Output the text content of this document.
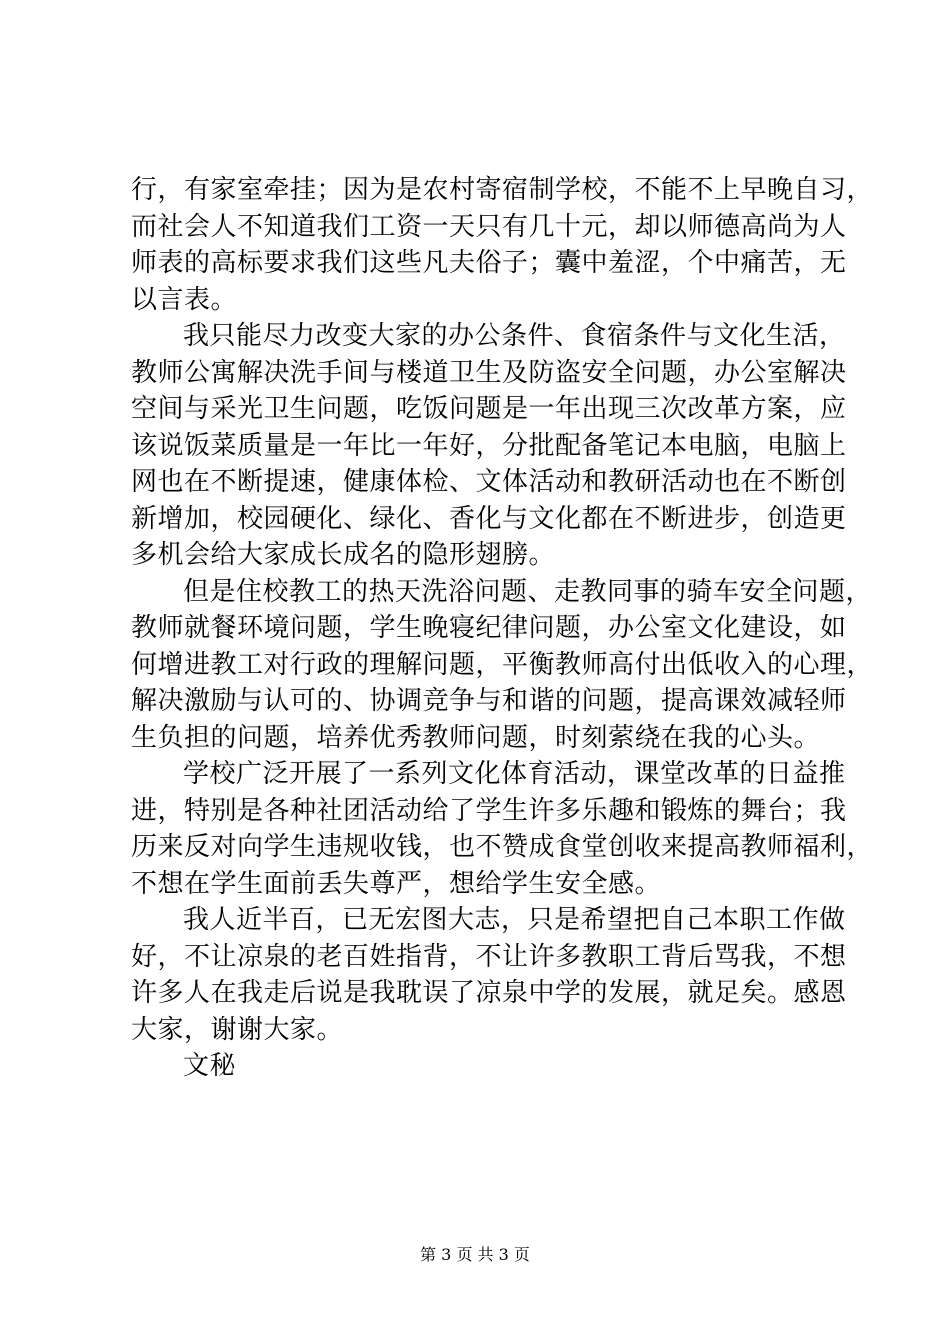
行，有家室牵挂；因为是农村寄宿制学校，不能不上早晚自习，
而社会人不知道我们工资一天只有几十元，却以师德高尚为人
师表的高标要求我们这些凡夫俗子；囊中羞涩，个中痛苦，无
以言表。
我只能尽力改变大家的办公条件、食宿条件与文化生活，
教师公寓解决洗手间与楼道卫生及防盗安全问题，办公室解决
空间与采光卫生问题，吃饭问题是一年出现三次改革方案，应
该说饭菜质量是一年比一年好，分批配备笔记本电脑，电脑上
网也在不断提速，健康体检、文体活动和教研活动也在不断创
新增加，校园硬化、绿化、香化与文化都在不断进步，创造更
多机会给大家成长成名的隐形翅膀。
但是住校教工的热天洗浴问题、走教同事的骑车安全问题，
教师就餐环境问题，学生晚寝纪律问题，办公室文化建设，如
何增进教工对行政的理解问题，平衡教师高付出低收入的心理，
解决激励与认可的、协调竞争与和谐的问题，提高课效减轻师
生负担的问题，培养优秀教师问题，时刻萦绕在我的心头。
学校广泛开展了一系列文化体育活动，课堂改革的日益推
进，特别是各种社团活动给了学生许多乐趣和锻炼的舞台；我
历来反对向学生违规收钱，也不赞成食堂创收来提高教师福利，
不想在学生面前丢失尊严，想给学生安全感。
我人近半百，已无宏图大志，只是希望把自己本职工作做
好，不让凉泉的老百姓指背，不让许多教职工背后骂我，不想
许多人在我走后说是我耽误了凉泉中学的发展，就足矣。感恩
大家，谢谢大家。
文秘
第 3 页 共 3 页
